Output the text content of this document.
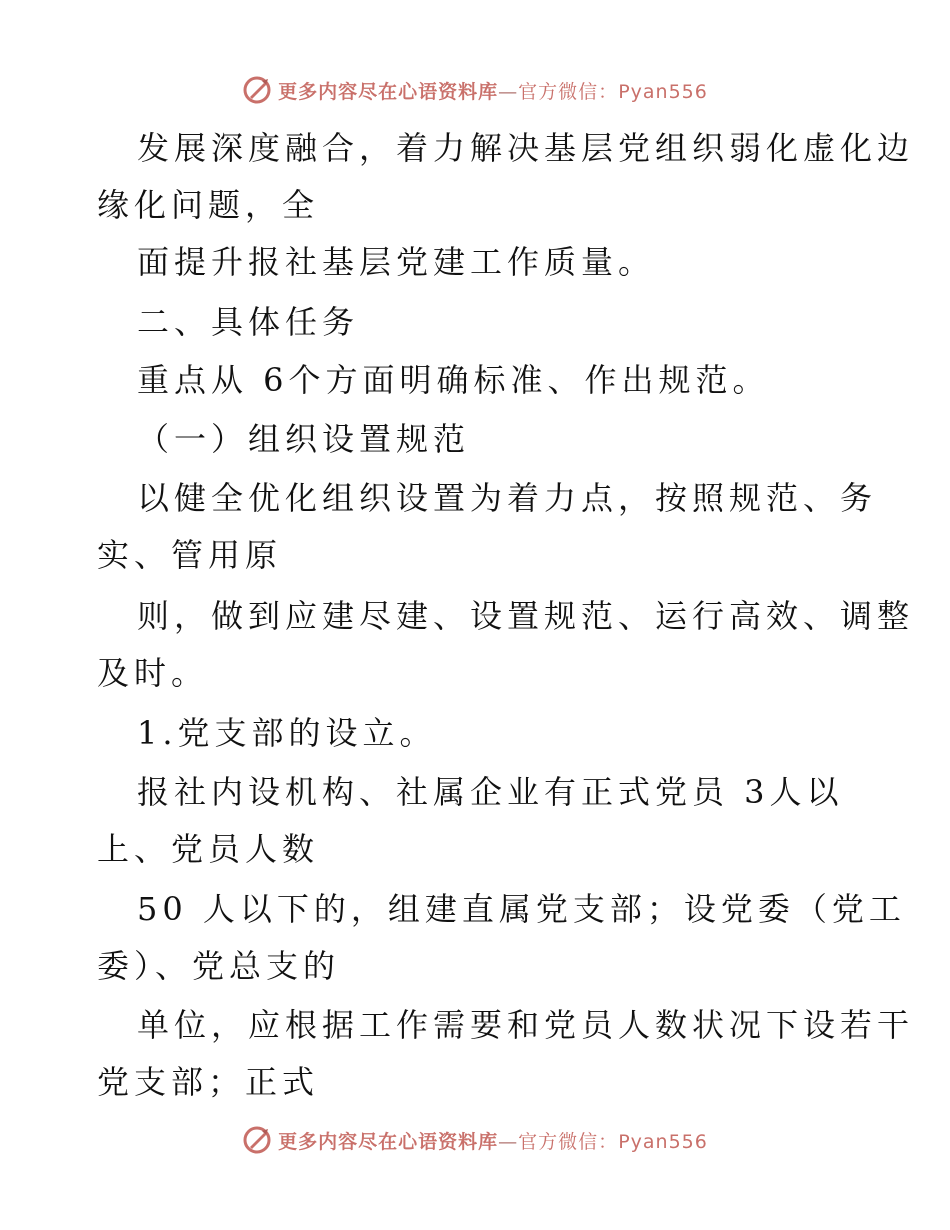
更多内容尽在心语资料库—官方微信：Pyan556
发展深度融合，着力解决基层党组织弱化虚化边
缘化问题，全
面提升报社基层党建工作质量。
二、具体任务
重点从 6个方面明确标准、作出规范。
（一）组织设置规范
以健全优化组织设置为着力点，按照规范、务
实、管用原
则，做到应建尽建、设置规范、运行高效、调整
及时。
1.党支部的设立。
报社内设机构、社属企业有正式党员 3人以
上、党员人数
50 人以下的，组建直属党支部；设党委（党工
委）、党总支的
单位，应根据工作需要和党员人数状况下设若干
党支部；正式
更多内容尽在心语资料库—官方微信：Pyan556
